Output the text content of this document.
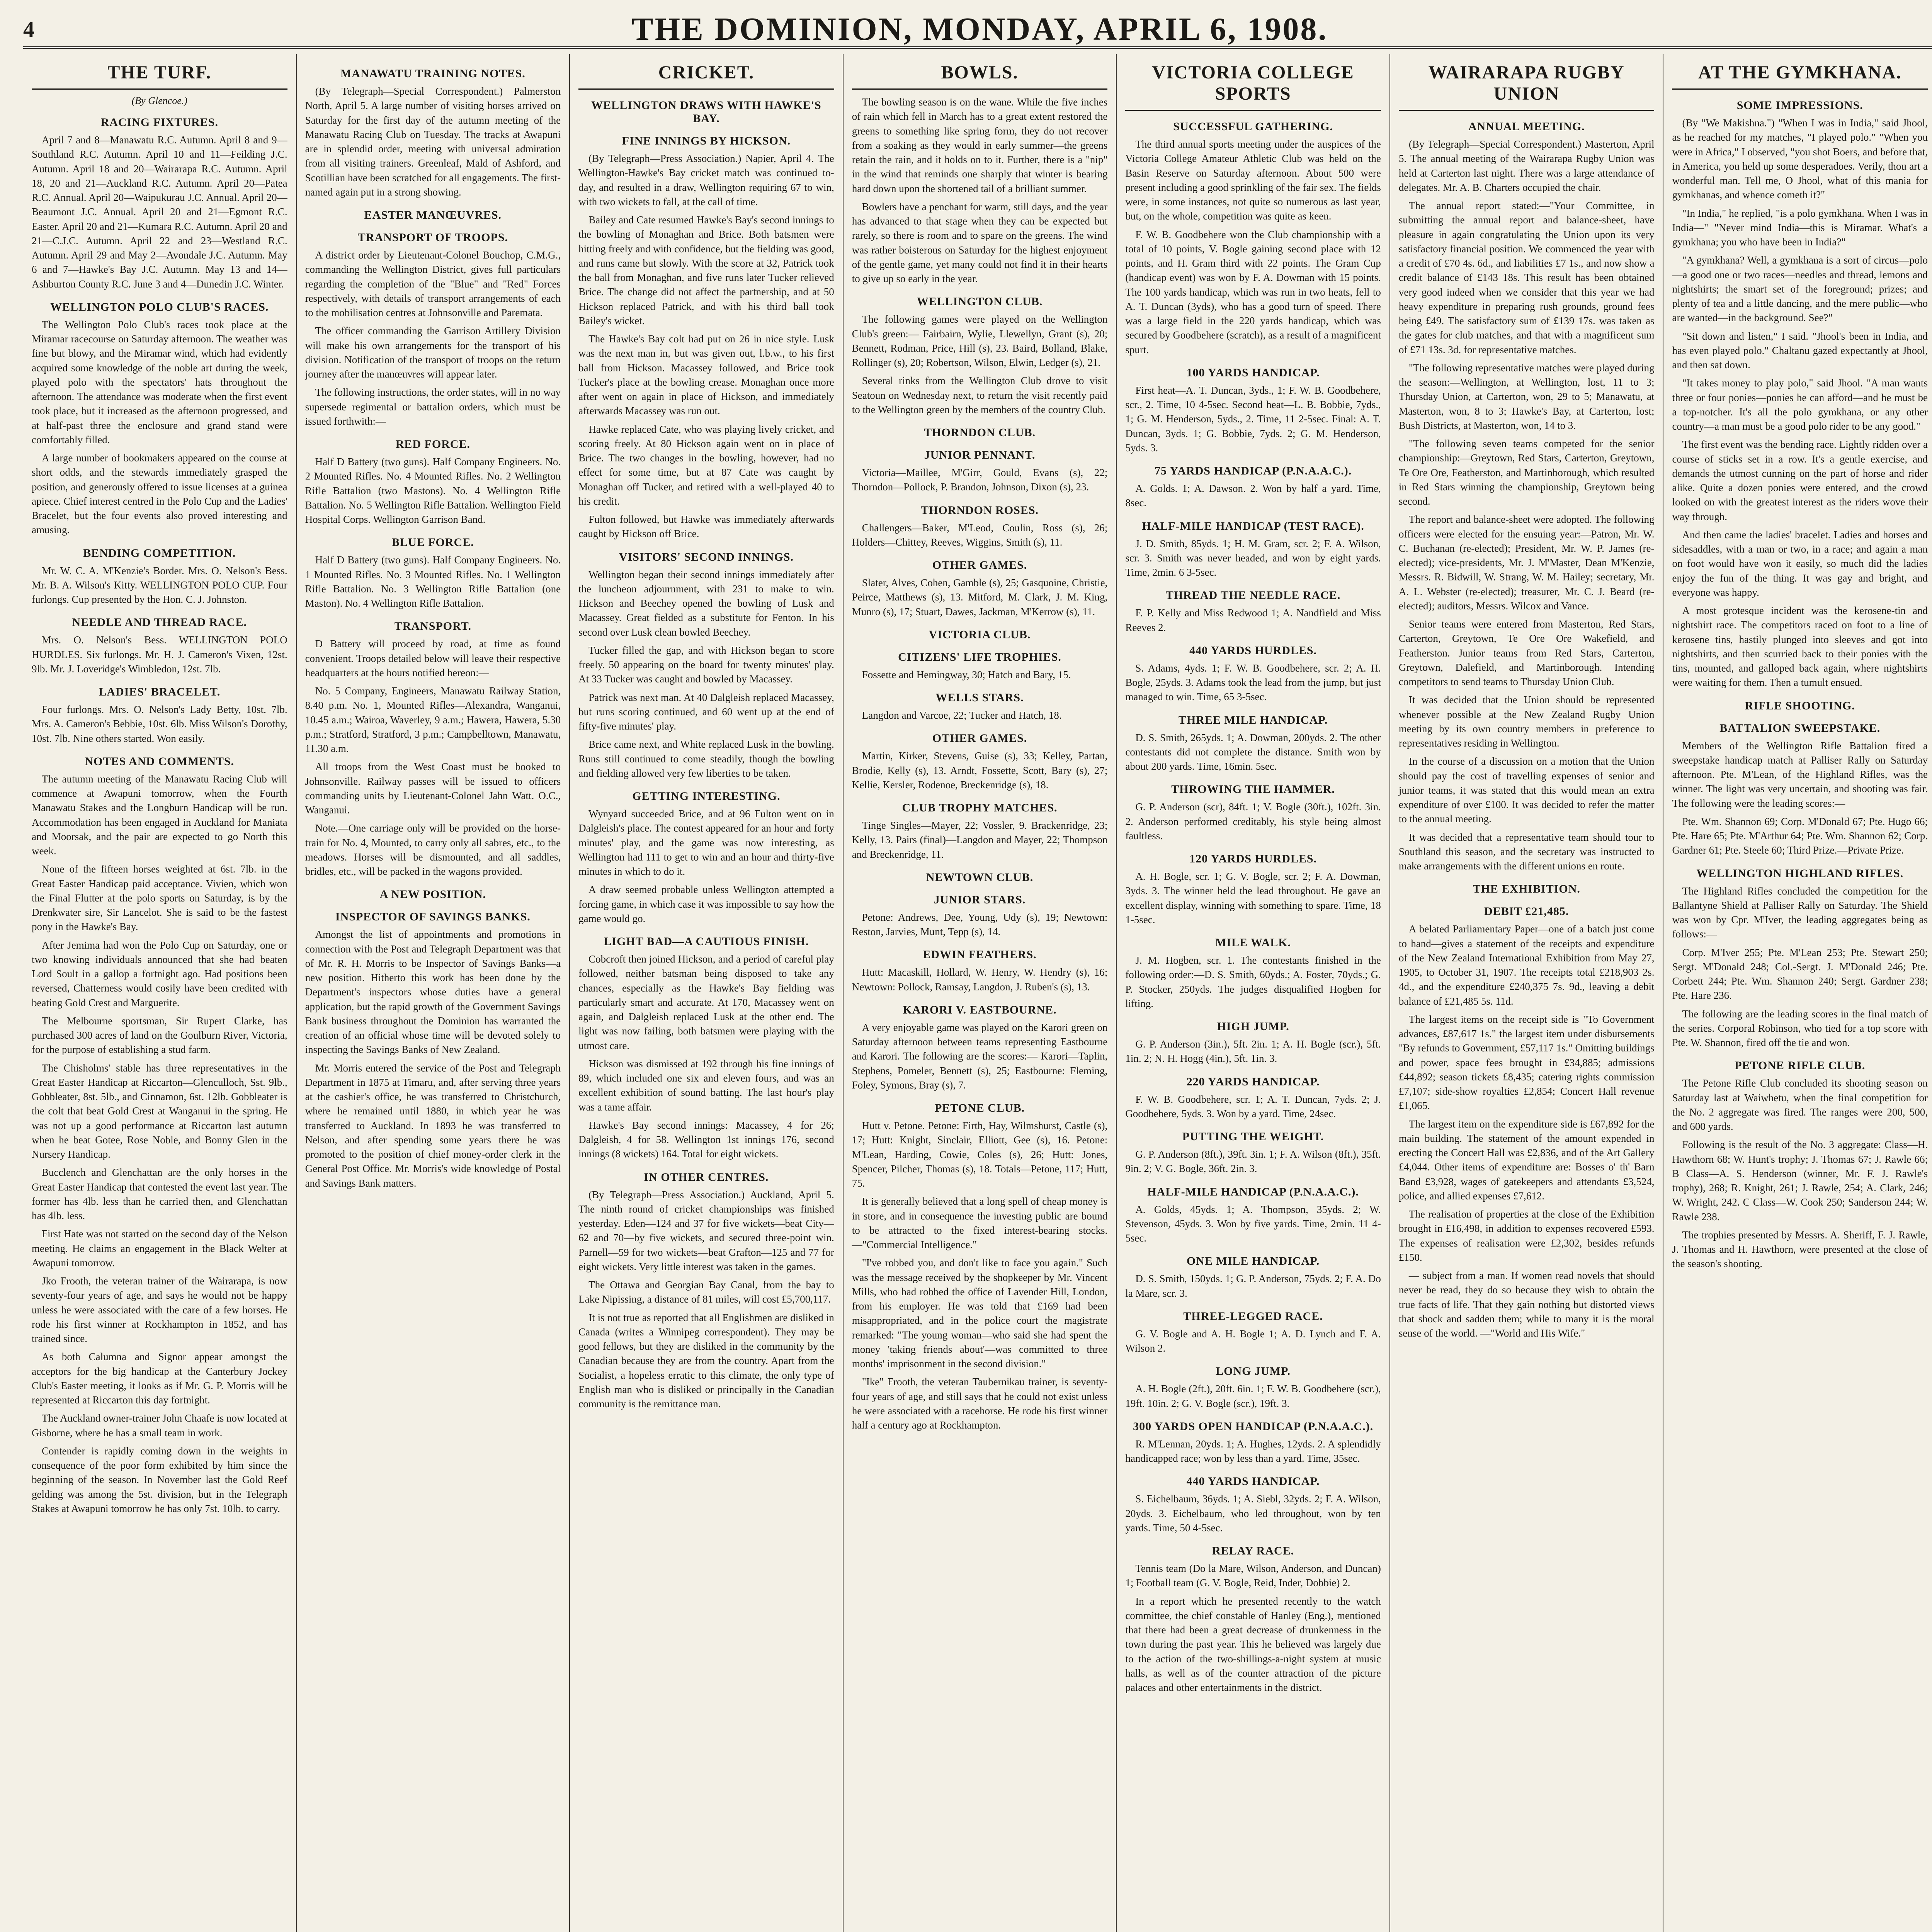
4	THE DOMINION, MONDAY, APRIL 6, 1908.
THE TURF.
(By Glencoe.)
RACING FIXTURES.

April 7 and 8—Manawatu R.C. Autumn. April 8 and 9—Southland R.C. Autumn. April 10 and 11—Feilding J.C. Autumn. April 18 and 20—Wairarapa R.C. Autumn. April 18, 20 and 21—Auckland R.C. Autumn. April 20—Patea R.C. Annual. April 20—Waipukurau J.C. Annual. April 20—Beaumont J.C. Annual. April 20 and 21—Egmont R.C. Easter. April 20 and 21—Kumara R.C. Autumn. April 20 and 21—C.J.C. Autumn. April 22 and 23—Westland R.C. Autumn. April 29 and May 2—Avondale J.C. Autumn. May 6 and 7—Hawke's Bay J.C. Autumn. May 13 and 14—Ashburton County R.C. June 3 and 4—Dunedin J.C. Winter.

WELLINGTON POLO CLUB'S RACES.

The Wellington Polo Club's races took place at the Miramar racecourse on Saturday afternoon. The weather was fine but blowy, and the Miramar wind, which had evidently acquired some knowledge of the noble art during the week, played polo with the spectators' hats throughout the afternoon. The attendance was moderate when the first event took place, but it increased as the afternoon progressed, and at half-past three the enclosure and grand stand were comfortably filled.

A large number of bookmakers appeared on the course at short odds, and the stewards immediately grasped the position, and generously offered to issue licenses at a guinea apiece. Chief interest centred in the Polo Cup and the Ladies' Bracelet, but the four events also proved interesting and amusing.

BENDING COMPETITION.

Mr. W. C. A. M'Kenzie's Border. Mrs. O. Nelson's Bess. Mr. B. A. Wilson's Kitty. WELLINGTON POLO CUP. Four furlongs. Cup presented by the Hon. C. J. Johnston.

NEEDLE AND THREAD RACE.

Mrs. O. Nelson's Bess. WELLINGTON POLO HURDLES. Six furlongs. Mr. H. J. Cameron's Vixen, 12st. 9lb. Mr. J. Loveridge's Wimbledon, 12st. 7lb.

LADIES' BRACELET.

Four furlongs. Mrs. O. Nelson's Lady Betty, 10st. 7lb. Mrs. A. Cameron's Bebbie, 10st. 6lb. Miss Wilson's Dorothy, 10st. 7lb. Nine others started. Won easily.

NOTES AND COMMENTS.

The autumn meeting of the Manawatu Racing Club will commence at Awapuni tomorrow, when the Fourth Manawatu Stakes and the Longburn Handicap will be run. Accommodation has been engaged in Auckland for Maniata and Moorsak, and the pair are expected to go North this week.

None of the fifteen horses weighted at 6st. 7lb. in the Great Easter Handicap paid acceptance. Vivien, which won the Final Flutter at the polo sports on Saturday, is by the Drenkwater sire, Sir Lancelot. She is said to be the fastest pony in the Hawke's Bay.

After Jemima had won the Polo Cup on Saturday, one or two knowing individuals announced that she had beaten Lord Soult in a gallop a fortnight ago. Had positions been reversed, Chatterness would cosily have been credited with beating Gold Crest and Marguerite.

The Melbourne sportsman, Sir Rupert Clarke, has purchased 300 acres of land on the Goulburn River, Victoria, for the purpose of establishing a stud farm.

The Chisholms' stable has three representatives in the Great Easter Handicap at Riccarton—Glenculloch, Sst. 9lb., Gobbleater, 8st. 5lb., and Cinnamon, 6st. 12lb. Gobbleater is the colt that beat Gold Crest at Wanganui in the spring. He was not up a good performance at Riccarton last autumn when he beat Gotee, Rose Noble, and Bonny Glen in the Nursery Handicap.

Bucclench and Glenchattan are the only horses in the Great Easter Handicap that contested the event last year. The former has 4lb. less than he carried then, and Glenchattan has 4lb. less.

First Hate was not started on the second day of the Nelson meeting. He claims an engagement in the Black Welter at Awapuni tomorrow.

Jko Frooth, the veteran trainer of the Wairarapa, is now seventy-four years of age, and says he would not be happy unless he were associated with the care of a few horses. He rode his first winner at Rockhampton in 1852, and has trained since.

As both Calumna and Signor appear amongst the acceptors for the big handicap at the Canterbury Jockey Club's Easter meeting, it looks as if Mr. G. P. Morris will be represented at Riccarton this day fortnight.

The Auckland owner-trainer John Chaafe is now located at Gisborne, where he has a small team in work.

Contender is rapidly coming down in the weights in consequence of the poor form exhibited by him since the beginning of the season. In November last the Gold Reef gelding was among the 5st. division, but in the Telegraph Stakes at Awapuni tomorrow he has only 7st. 10lb. to carry.

MANAWATU TRAINING NOTES.

(By Telegraph—Special Correspondent.) Palmerston North, April 5. A large number of visiting horses arrived on Saturday for the first day of the autumn meeting of the Manawatu Racing Club on Tuesday. The tracks at Awapuni are in splendid order, meeting with universal admiration from all visiting trainers. Greenleaf, Mald of Ashford, and Scotillian have been scratched for all engagements. The first-named again put in a strong showing.

EASTER MANŒUVRES.
TRANSPORT OF TROOPS.

A district order by Lieutenant-Colonel Bouchop, C.M.G., commanding the Wellington District, gives full particulars regarding the completion of the "Blue" and "Red" Forces respectively, with details of transport arrangements of each to the mobilisation centres at Johnsonville and Paremata.

The officer commanding the Garrison Artillery Division will make his own arrangements for the transport of his division. Notification of the transport of troops on the return journey after the manœuvres will appear later.

The following instructions, the order states, will in no way supersede regimental or battalion orders, which must be issued forthwith:—

RED FORCE.

Half D Battery (two guns). Half Company Engineers. No. 2 Mounted Rifles. No. 4 Mounted Rifles. No. 2 Wellington Rifle Battalion (two Mastons). No. 4 Wellington Rifle Battalion. No. 5 Wellington Rifle Battalion. Wellington Field Hospital Corps. Wellington Garrison Band.

BLUE FORCE.

Half D Battery (two guns). Half Company Engineers. No. 1 Mounted Rifles. No. 3 Mounted Rifles. No. 1 Wellington Rifle Battalion. No. 3 Wellington Rifle Battalion (one Maston). No. 4 Wellington Rifle Battalion.

TRANSPORT.

D Battery will proceed by road, at time as found convenient. Troops detailed below will leave their respective headquarters at the hours notified hereon:—

No. 5 Company, Engineers, Manawatu Railway Station, 8.40 p.m. No. 1, Mounted Rifles—Alexandra, Wanganui, 10.45 a.m.; Wairoa, Waverley, 9 a.m.; Hawera, Hawera, 5.30 p.m.; Stratford, Stratford, 3 p.m.; Campbelltown, Manawatu, 11.30 a.m.

All troops from the West Coast must be booked to Johnsonville. Railway passes will be issued to officers commanding units by Lieutenant-Colonel Jahn Watt. O.C., Wanganui.

Note.—One carriage only will be provided on the horse-train for No. 4, Mounted, to carry only all sabres, etc., to the meadows. Horses will be dismounted, and all saddles, bridles, etc., will be packed in the wagons provided.

A NEW POSITION.
INSPECTOR OF SAVINGS BANKS.

Amongst the list of appointments and promotions in connection with the Post and Telegraph Department was that of Mr. R. H. Morris to be Inspector of Savings Banks—a new position. Hitherto this work has been done by the Department's inspectors whose duties have a general application, but the rapid growth of the Government Savings Bank business throughout the Dominion has warranted the creation of an official whose time will be devoted solely to inspecting the Savings Banks of New Zealand.

Mr. Morris entered the service of the Post and Telegraph Department in 1875 at Timaru, and, after serving three years at the cashier's office, he was transferred to Christchurch, where he remained until 1880, in which year he was transferred to Auckland. In 1893 he was transferred to Nelson, and after spending some years there he was promoted to the position of chief money-order clerk in the General Post Office. Mr. Morris's wide knowledge of Postal and Savings Bank matters.

CRICKET.
WELLINGTON DRAWS WITH HAWKE'S BAY.
FINE INNINGS BY HICKSON.

(By Telegraph—Press Association.) Napier, April 4. The Wellington-Hawke's Bay cricket match was continued to-day, and resulted in a draw, Wellington requiring 67 to win, with two wickets to fall, at the call of time.

Bailey and Cate resumed Hawke's Bay's second innings to the bowling of Monaghan and Brice. Both batsmen were hitting freely and with confidence, but the fielding was good, and runs came but slowly. With the score at 32, Patrick took the ball from Monaghan, and five runs later Tucker relieved Brice. The change did not affect the partnership, and at 50 Hickson replaced Patrick, and with his third ball took Bailey's wicket.

The Hawke's Bay colt had put on 26 in nice style. Lusk was the next man in, but was given out, l.b.w., to his first ball from Hickson. Macassey followed, and Brice took Tucker's place at the bowling crease. Monaghan once more after went on again in place of Hickson, and immediately afterwards Macassey was run out.

Hawke replaced Cate, who was playing lively cricket, and scoring freely. At 80 Hickson again went on in place of Brice. The two changes in the bowling, however, had no effect for some time, but at 87 Cate was caught by Monaghan off Tucker, and retired with a well-played 40 to his credit.

Fulton followed, but Hawke was immediately afterwards caught by Hickson off Brice.

VISITORS' SECOND INNINGS.

Wellington began their second innings immediately after the luncheon adjournment, with 231 to make to win. Hickson and Beechey opened the bowling of Lusk and Macassey. Great fielded as a substitute for Fenton. In his second over Lusk clean bowled Beechey.

Tucker filled the gap, and with Hickson began to score freely. 50 appearing on the board for twenty minutes' play. At 33 Tucker was caught and bowled by Macassey.

Patrick was next man. At 40 Dalgleish replaced Macassey, but runs scoring continued, and 60 went up at the end of fifty-five minutes' play.

Brice came next, and White replaced Lusk in the bowling. Runs still continued to come steadily, though the bowling and fielding allowed very few liberties to be taken.

GETTING INTERESTING.

Wynyard succeeded Brice, and at 96 Fulton went on in Dalgleish's place. The contest appeared for an hour and forty minutes' play, and the game was now interesting, as Wellington had 111 to get to win and an hour and thirty-five minutes in which to do it.

A draw seemed probable unless Wellington attempted a forcing game, in which case it was impossible to say how the game would go.

LIGHT BAD—A CAUTIOUS FINISH.

Cobcroft then joined Hickson, and a period of careful play followed, neither batsman being disposed to take any chances, especially as the Hawke's Bay fielding was particularly smart and accurate. At 170, Macassey went on again, and Dalgleish replaced Lusk at the other end. The light was now failing, both batsmen were playing with the utmost care.

Hickson was dismissed at 192 through his fine innings of 89, which included one six and eleven fours, and was an excellent exhibition of sound batting. The last hour's play was a tame affair.

Hawke's Bay second innings: Macassey, 4 for 26; Dalgleish, 4 for 58. Wellington 1st innings 176, second innings (8 wickets) 164. Total for eight wickets.

IN OTHER CENTRES.

(By Telegraph—Press Association.) Auckland, April 5. The ninth round of cricket championships was finished yesterday. Eden—124 and 37 for five wickets—beat City—62 and 70—by five wickets, and secured three-point win. Parnell—59 for two wickets—beat Grafton—125 and 77 for eight wickets. Very little interest was taken in the games.

The Ottawa and Georgian Bay Canal, from the bay to Lake Nipissing, a distance of 81 miles, will cost £5,700,117.

It is not true as reported that all Englishmen are disliked in Canada (writes a Winnipeg correspondent). They may be good fellows, but they are disliked in the community by the Canadian because they are from the country. Apart from the Socialist, a hopeless erratic to this climate, the only type of English man who is disliked or principally in the Canadian community is the remittance man.

BOWLS.

The bowling season is on the wane. While the five inches of rain which fell in March has to a great extent restored the greens to something like spring form, they do not recover from a soaking as they would in early summer—the greens retain the rain, and it holds on to it. Further, there is a "nip" in the wind that reminds one sharply that winter is bearing hard down upon the shortened tail of a brilliant summer.

Bowlers have a penchant for warm, still days, and the year has advanced to that stage when they can be expected but rarely, so there is room and to spare on the greens. The wind was rather boisterous on Saturday for the highest enjoyment of the gentle game, yet many could not find it in their hearts to give up so early in the year.

WELLINGTON CLUB.

The following games were played on the Wellington Club's green:— Fairbairn, Wylie, Llewellyn, Grant (s), 20; Bennett, Rodman, Price, Hill (s), 23. Baird, Bolland, Blake, Rollinger (s), 20; Robertson, Wilson, Elwin, Ledger (s), 21.

Several rinks from the Wellington Club drove to visit Seatoun on Wednesday next, to return the visit recently paid to the Wellington green by the members of the country Club.

THORNDON CLUB.
JUNIOR PENNANT.

Victoria—Maillee, M'Girr, Gould, Evans (s), 22; Thorndon—Pollock, P. Brandon, Johnson, Dixon (s), 23.

THORNDON ROSES.

Challengers—Baker, M'Leod, Coulin, Ross (s), 26; Holders—Chittey, Reeves, Wiggins, Smith (s), 11.

OTHER GAMES.

Slater, Alves, Cohen, Gamble (s), 25; Gasquoine, Christie, Peirce, Matthews (s), 13. Mitford, M. Clark, J. M. King, Munro (s), 17; Stuart, Dawes, Jackman, M'Kerrow (s), 11.

VICTORIA CLUB.
CITIZENS' LIFE TROPHIES.

Fossette and Hemingway, 30; Hatch and Bary, 15.

WELLS STARS.

Langdon and Varcoe, 22; Tucker and Hatch, 18.

OTHER GAMES.

Martin, Kirker, Stevens, Guise (s), 33; Kelley, Partan, Brodie, Kelly (s), 13. Arndt, Fossette, Scott, Bary (s), 27; Kellie, Kersler, Rodenoe, Breckenridge (s), 18.

CLUB TROPHY MATCHES.

Tinge Singles—Mayer, 22; Vossler, 9. Brackenridge, 23; Kelly, 13. Pairs (final)—Langdon and Mayer, 22; Thompson and Breckenridge, 11.

NEWTOWN CLUB.
JUNIOR STARS.

Petone: Andrews, Dee, Young, Udy (s), 19; Newtown: Reston, Jarvies, Munt, Tepp (s), 14.

EDWIN FEATHERS.

Hutt: Macaskill, Hollard, W. Henry, W. Hendry (s), 16; Newtown: Pollock, Ramsay, Langdon, J. Ruben's (s), 13.

KARORI V. EASTBOURNE.

A very enjoyable game was played on the Karori green on Saturday afternoon between teams representing Eastbourne and Karori. The following are the scores:— Karori—Taplin, Stephens, Pomeler, Bennett (s), 25; Eastbourne: Fleming, Foley, Symons, Bray (s), 7.

PETONE CLUB.

Hutt v. Petone. Petone: Firth, Hay, Wilmshurst, Castle (s), 17; Hutt: Knight, Sinclair, Elliott, Gee (s), 16. Petone: M'Lean, Harding, Cowie, Coles (s), 26; Hutt: Jones, Spencer, Pilcher, Thomas (s), 18. Totals—Petone, 117; Hutt, 75.

It is generally believed that a long spell of cheap money is in store, and in consequence the investing public are bound to be attracted to the fixed interest-bearing stocks.—"Commercial Intelligence."

"I've robbed you, and don't like to face you again." Such was the message received by the shopkeeper by Mr. Vincent Mills, who had robbed the office of Lavender Hill, London, from his employer. He was told that £169 had been misappropriated, and in the police court the magistrate remarked: "The young woman—who said she had spent the money 'taking friends about'—was committed to three months' imprisonment in the second division."

"Ike" Frooth, the veteran Taubernikau trainer, is seventy-four years of age, and still says that he could not exist unless he were associated with a racehorse. He rode his first winner half a century ago at Rockhampton.

VICTORIA COLLEGE SPORTS
SUCCESSFUL GATHERING.

The third annual sports meeting under the auspices of the Victoria College Amateur Athletic Club was held on the Basin Reserve on Saturday afternoon. About 500 were present including a good sprinkling of the fair sex. The fields were, in some instances, not quite so numerous as last year, but, on the whole, competition was quite as keen.

F. W. B. Goodbehere won the Club championship with a total of 10 points, V. Bogle gaining second place with 12 points, and H. Gram third with 22 points. The Gram Cup (handicap event) was won by F. A. Dowman with 15 points. The 100 yards handicap, which was run in two heats, fell to A. T. Duncan (3yds), who has a good turn of speed. There was a large field in the 220 yards handicap, which was secured by Goodbehere (scratch), as a result of a magnificent spurt.

100 YARDS HANDICAP.

First heat—A. T. Duncan, 3yds., 1; F. W. B. Goodbehere, scr., 2. Time, 10 4-5sec. Second heat—L. B. Bobbie, 7yds., 1; G. M. Henderson, 5yds., 2. Time, 11 2-5sec. Final: A. T. Duncan, 3yds. 1; G. Bobbie, 7yds. 2; G. M. Henderson, 5yds. 3.

75 YARDS HANDICAP (P.N.A.A.C.).

A. Golds. 1; A. Dawson. 2. Won by half a yard. Time, 8sec.

HALF-MILE HANDICAP (TEST RACE).

J. D. Smith, 85yds. 1; H. M. Gram, scr. 2; F. A. Wilson, scr. 3. Smith was never headed, and won by eight yards. Time, 2min. 6 3-5sec.

THREAD THE NEEDLE RACE.

F. P. Kelly and Miss Redwood 1; A. Nandfield and Miss Reeves 2.

440 YARDS HURDLES.

S. Adams, 4yds. 1; F. W. B. Goodbehere, scr. 2; A. H. Bogle, 25yds. 3. Adams took the lead from the jump, but just managed to win. Time, 65 3-5sec.

THREE MILE HANDICAP.

D. S. Smith, 265yds. 1; A. Dowman, 200yds. 2. The other contestants did not complete the distance. Smith won by about 200 yards. Time, 16min. 5sec.

THROWING THE HAMMER.

G. P. Anderson (scr), 84ft. 1; V. Bogle (30ft.), 102ft. 3in. 2. Anderson performed creditably, his style being almost faultless.

120 YARDS HURDLES.

A. H. Bogle, scr. 1; G. V. Bogle, scr. 2; F. A. Dowman, 3yds. 3. The winner held the lead throughout. He gave an excellent display, winning with something to spare. Time, 18 1-5sec.

MILE WALK.

J. M. Hogben, scr. 1. The contestants finished in the following order:—D. S. Smith, 60yds.; A. Foster, 70yds.; G. P. Stocker, 250yds. The judges disqualified Hogben for lifting.

HIGH JUMP.

G. P. Anderson (3in.), 5ft. 2in. 1; A. H. Bogle (scr.), 5ft. 1in. 2; N. H. Hogg (4in.), 5ft. 1in. 3.

220 YARDS HANDICAP.

F. W. B. Goodbehere, scr. 1; A. T. Duncan, 7yds. 2; J. Goodbehere, 5yds. 3. Won by a yard. Time, 24sec.

PUTTING THE WEIGHT.

G. P. Anderson (8ft.), 39ft. 3in. 1; F. A. Wilson (8ft.), 35ft. 9in. 2; V. G. Bogle, 36ft. 2in. 3.

HALF-MILE HANDICAP (P.N.A.A.C.).

A. Golds, 45yds. 1; A. Thompson, 35yds. 2; W. Stevenson, 45yds. 3. Won by five yards. Time, 2min. 11 4-5sec.

ONE MILE HANDICAP.

D. S. Smith, 150yds. 1; G. P. Anderson, 75yds. 2; F. A. Do la Mare, scr. 3.

THREE-LEGGED RACE.

G. V. Bogle and A. H. Bogle 1; A. D. Lynch and F. A. Wilson 2.

LONG JUMP.

A. H. Bogle (2ft.), 20ft. 6in. 1; F. W. B. Goodbehere (scr.), 19ft. 10in. 2; G. V. Bogle (scr.), 19ft. 3.

300 YARDS OPEN HANDICAP (P.N.A.A.C.).

R. M'Lennan, 20yds. 1; A. Hughes, 12yds. 2. A splendidly handicapped race; won by less than a yard. Time, 35sec.

440 YARDS HANDICAP.

S. Eichelbaum, 36yds. 1; A. Siebl, 32yds. 2; F. A. Wilson, 20yds. 3. Eichelbaum, who led throughout, won by ten yards. Time, 50 4-5sec.

RELAY RACE.

Tennis team (Do la Mare, Wilson, Anderson, and Duncan) 1; Football team (G. V. Bogle, Reid, Inder, Dobbie) 2.

In a report which he presented recently to the watch committee, the chief constable of Hanley (Eng.), mentioned that there had been a great decrease of drunkenness in the town during the past year. This he believed was largely due to the action of the two-shillings-a-night system at music halls, as well as of the counter attraction of the picture palaces and other entertainments in the district.

WAIRARAPA RUGBY UNION
ANNUAL MEETING.

(By Telegraph—Special Correspondent.) Masterton, April 5. The annual meeting of the Wairarapa Rugby Union was held at Carterton last night. There was a large attendance of delegates. Mr. A. B. Charters occupied the chair.

The annual report stated:—"Your Committee, in submitting the annual report and balance-sheet, have pleasure in again congratulating the Union upon its very satisfactory financial position. We commenced the year with a credit of £70 4s. 6d., and liabilities £7 1s., and now show a credit balance of £143 18s. This result has been obtained very good indeed when we consider that this year we had heavy expenditure in preparing rush grounds, ground fees being £49. The satisfactory sum of £139 17s. was taken as the gates for club matches, and that with a magnificent sum of £71 13s. 3d. for representative matches.

"The following representative matches were played during the season:—Wellington, at Wellington, lost, 11 to 3; Thursday Union, at Carterton, won, 29 to 5; Manawatu, at Masterton, won, 8 to 3; Hawke's Bay, at Carterton, lost; Bush Districts, at Masterton, won, 14 to 3.

"The following seven teams competed for the senior championship:—Greytown, Red Stars, Carterton, Greytown, Te Ore Ore, Featherston, and Martinborough, which resulted in Red Stars winning the championship, Greytown being second.

The report and balance-sheet were adopted. The following officers were elected for the ensuing year:—Patron, Mr. W. C. Buchanan (re-elected); President, Mr. W. P. James (re-elected); vice-presidents, Mr. J. M'Master, Dean M'Kenzie, Messrs. R. Bidwill, W. Strang, W. M. Hailey; secretary, Mr. A. L. Webster (re-elected); treasurer, Mr. C. J. Beard (re-elected); auditors, Messrs. Wilcox and Vance.

Senior teams were entered from Masterton, Red Stars, Carterton, Greytown, Te Ore Ore Wakefield, and Featherston. Junior teams from Red Stars, Carterton, Greytown, Dalefield, and Martinborough. Intending competitors to send teams to Thursday Union Club.

It was decided that the Union should be represented whenever possible at the New Zealand Rugby Union meeting by its own country members in preference to representatives residing in Wellington.

In the course of a discussion on a motion that the Union should pay the cost of travelling expenses of senior and junior teams, it was stated that this would mean an extra expenditure of over £100. It was decided to refer the matter to the annual meeting.

It was decided that a representative team should tour to Southland this season, and the secretary was instructed to make arrangements with the different unions en route.

THE EXHIBITION.
DEBIT £21,485.

A belated Parliamentary Paper—one of a batch just come to hand—gives a statement of the receipts and expenditure of the New Zealand International Exhibition from May 27, 1905, to October 31, 1907. The receipts total £218,903 2s. 4d., and the expenditure £240,375 7s. 9d., leaving a debit balance of £21,485 5s. 11d.

The largest items on the receipt side is "To Government advances, £87,617 1s." the largest item under disbursements "By refunds to Government, £57,117 1s." Omitting buildings and power, space fees brought in £34,885; admissions £44,892; season tickets £8,435; catering rights commission £7,107; side-show royalties £2,854; Concert Hall revenue £1,065.

The largest item on the expenditure side is £67,892 for the main building. The statement of the amount expended in erecting the Concert Hall was £2,836, and of the Art Gallery £4,044. Other items of expenditure are: Bosses o' th' Barn Band £3,928, wages of gatekeepers and attendants £3,524, police, and allied expenses £7,612.

The realisation of properties at the close of the Exhibition brought in £16,498, in addition to expenses recovered £593. The expenses of realisation were £2,302, besides refunds £150.

— subject from a man. If women read novels that should never be read, they do so because they wish to obtain the true facts of life. That they gain nothing but distorted views that shock and sadden them; while to many it is the moral sense of the world. —"World and His Wife."

AT THE GYMKHANA.
SOME IMPRESSIONS.

(By "We Makishna.") "When I was in India," said Jhool, as he reached for my matches, "I played polo." "When you were in Africa," I observed, "you shot Boers, and before that, in America, you held up some desperadoes. Verily, thou art a wonderful man. Tell me, O Jhool, what of this mania for gymkhanas, and whence cometh it?"

"In India," he replied, "is a polo gymkhana. When I was in India—" "Never mind India—this is Miramar. What's a gymkhana; you who have been in India?"

"A gymkhana? Well, a gymkhana is a sort of circus—polo—a good one or two races—needles and thread, lemons and nightshirts; the smart set of the foreground; prizes; and plenty of tea and a little dancing, and the mere public—who are wanted—in the background. See?"

"Sit down and listen," I said. "Jhool's been in India, and has even played polo." Chaltanu gazed expectantly at Jhool, and then sat down.

"It takes money to play polo," said Jhool. "A man wants three or four ponies—ponies he can afford—and he must be a top-notcher. It's all the polo gymkhana, or any other country—a man must be a good polo rider to be any good."

The first event was the bending race. Lightly ridden over a course of sticks set in a row. It's a gentle exercise, and demands the utmost cunning on the part of horse and rider alike. Quite a dozen ponies were entered, and the crowd looked on with the greatest interest as the riders wove their way through.

And then came the ladies' bracelet. Ladies and horses and sidesaddles, with a man or two, in a race; and again a man on foot would have won it easily, so much did the ladies enjoy the fun of the thing. It was gay and bright, and everyone was happy.

A most grotesque incident was the kerosene-tin and nightshirt race. The competitors raced on foot to a line of kerosene tins, hastily plunged into sleeves and got into nightshirts, and then scurried back to their ponies with the tins, mounted, and galloped back again, where nightshirts were waiting for them. Then a tumult ensued.

RIFLE SHOOTING.
BATTALION SWEEPSTAKE.

Members of the Wellington Rifle Battalion fired a sweepstake handicap match at Palliser Rally on Saturday afternoon. Pte. M'Lean, of the Highland Rifles, was the winner. The light was very uncertain, and shooting was fair. The following were the leading scores:—

Pte. Wm. Shannon 69; Corp. M'Donald 67; Pte. Hugo 66; Pte. Hare 65; Pte. M'Arthur 64; Pte. Wm. Shannon 62; Corp. Gardner 61; Pte. Steele 60; Third Prize.—Private Prize.

WELLINGTON HIGHLAND RIFLES.

The Highland Rifles concluded the competition for the Ballantyne Shield at Palliser Rally on Saturday. The Shield was won by Cpr. M'Iver, the leading aggregates being as follows:—

Corp. M'Iver 255; Pte. M'Lean 253; Pte. Stewart 250; Sergt. M'Donald 248; Col.-Sergt. J. M'Donald 246; Pte. Corbett 244; Pte. Wm. Shannon 240; Sergt. Gardner 238; Pte. Hare 236.

The following are the leading scores in the final match of the series. Corporal Robinson, who tied for a top score with Pte. W. Shannon, fired off the tie and won.

PETONE RIFLE CLUB.

The Petone Rifle Club concluded its shooting season on Saturday last at Waiwhetu, when the final competition for the No. 2 aggregate was fired. The ranges were 200, 500, and 600 yards.

Following is the result of the No. 3 aggregate: Class—H. Hawthorn 68; W. Hunt's trophy; J. Thomas 67; J. Rawle 66; B Class—A. S. Henderson (winner, Mr. F. J. Rawle's trophy), 268; R. Knight, 261; J. Rawle, 254; A. Clark, 246; W. Wright, 242. C Class—W. Cook 250; Sanderson 244; W. Rawle 238.

The trophies presented by Messrs. A. Sheriff, F. J. Rawle, J. Thomas and H. Hawthorn, were presented at the close of the season's shooting.
